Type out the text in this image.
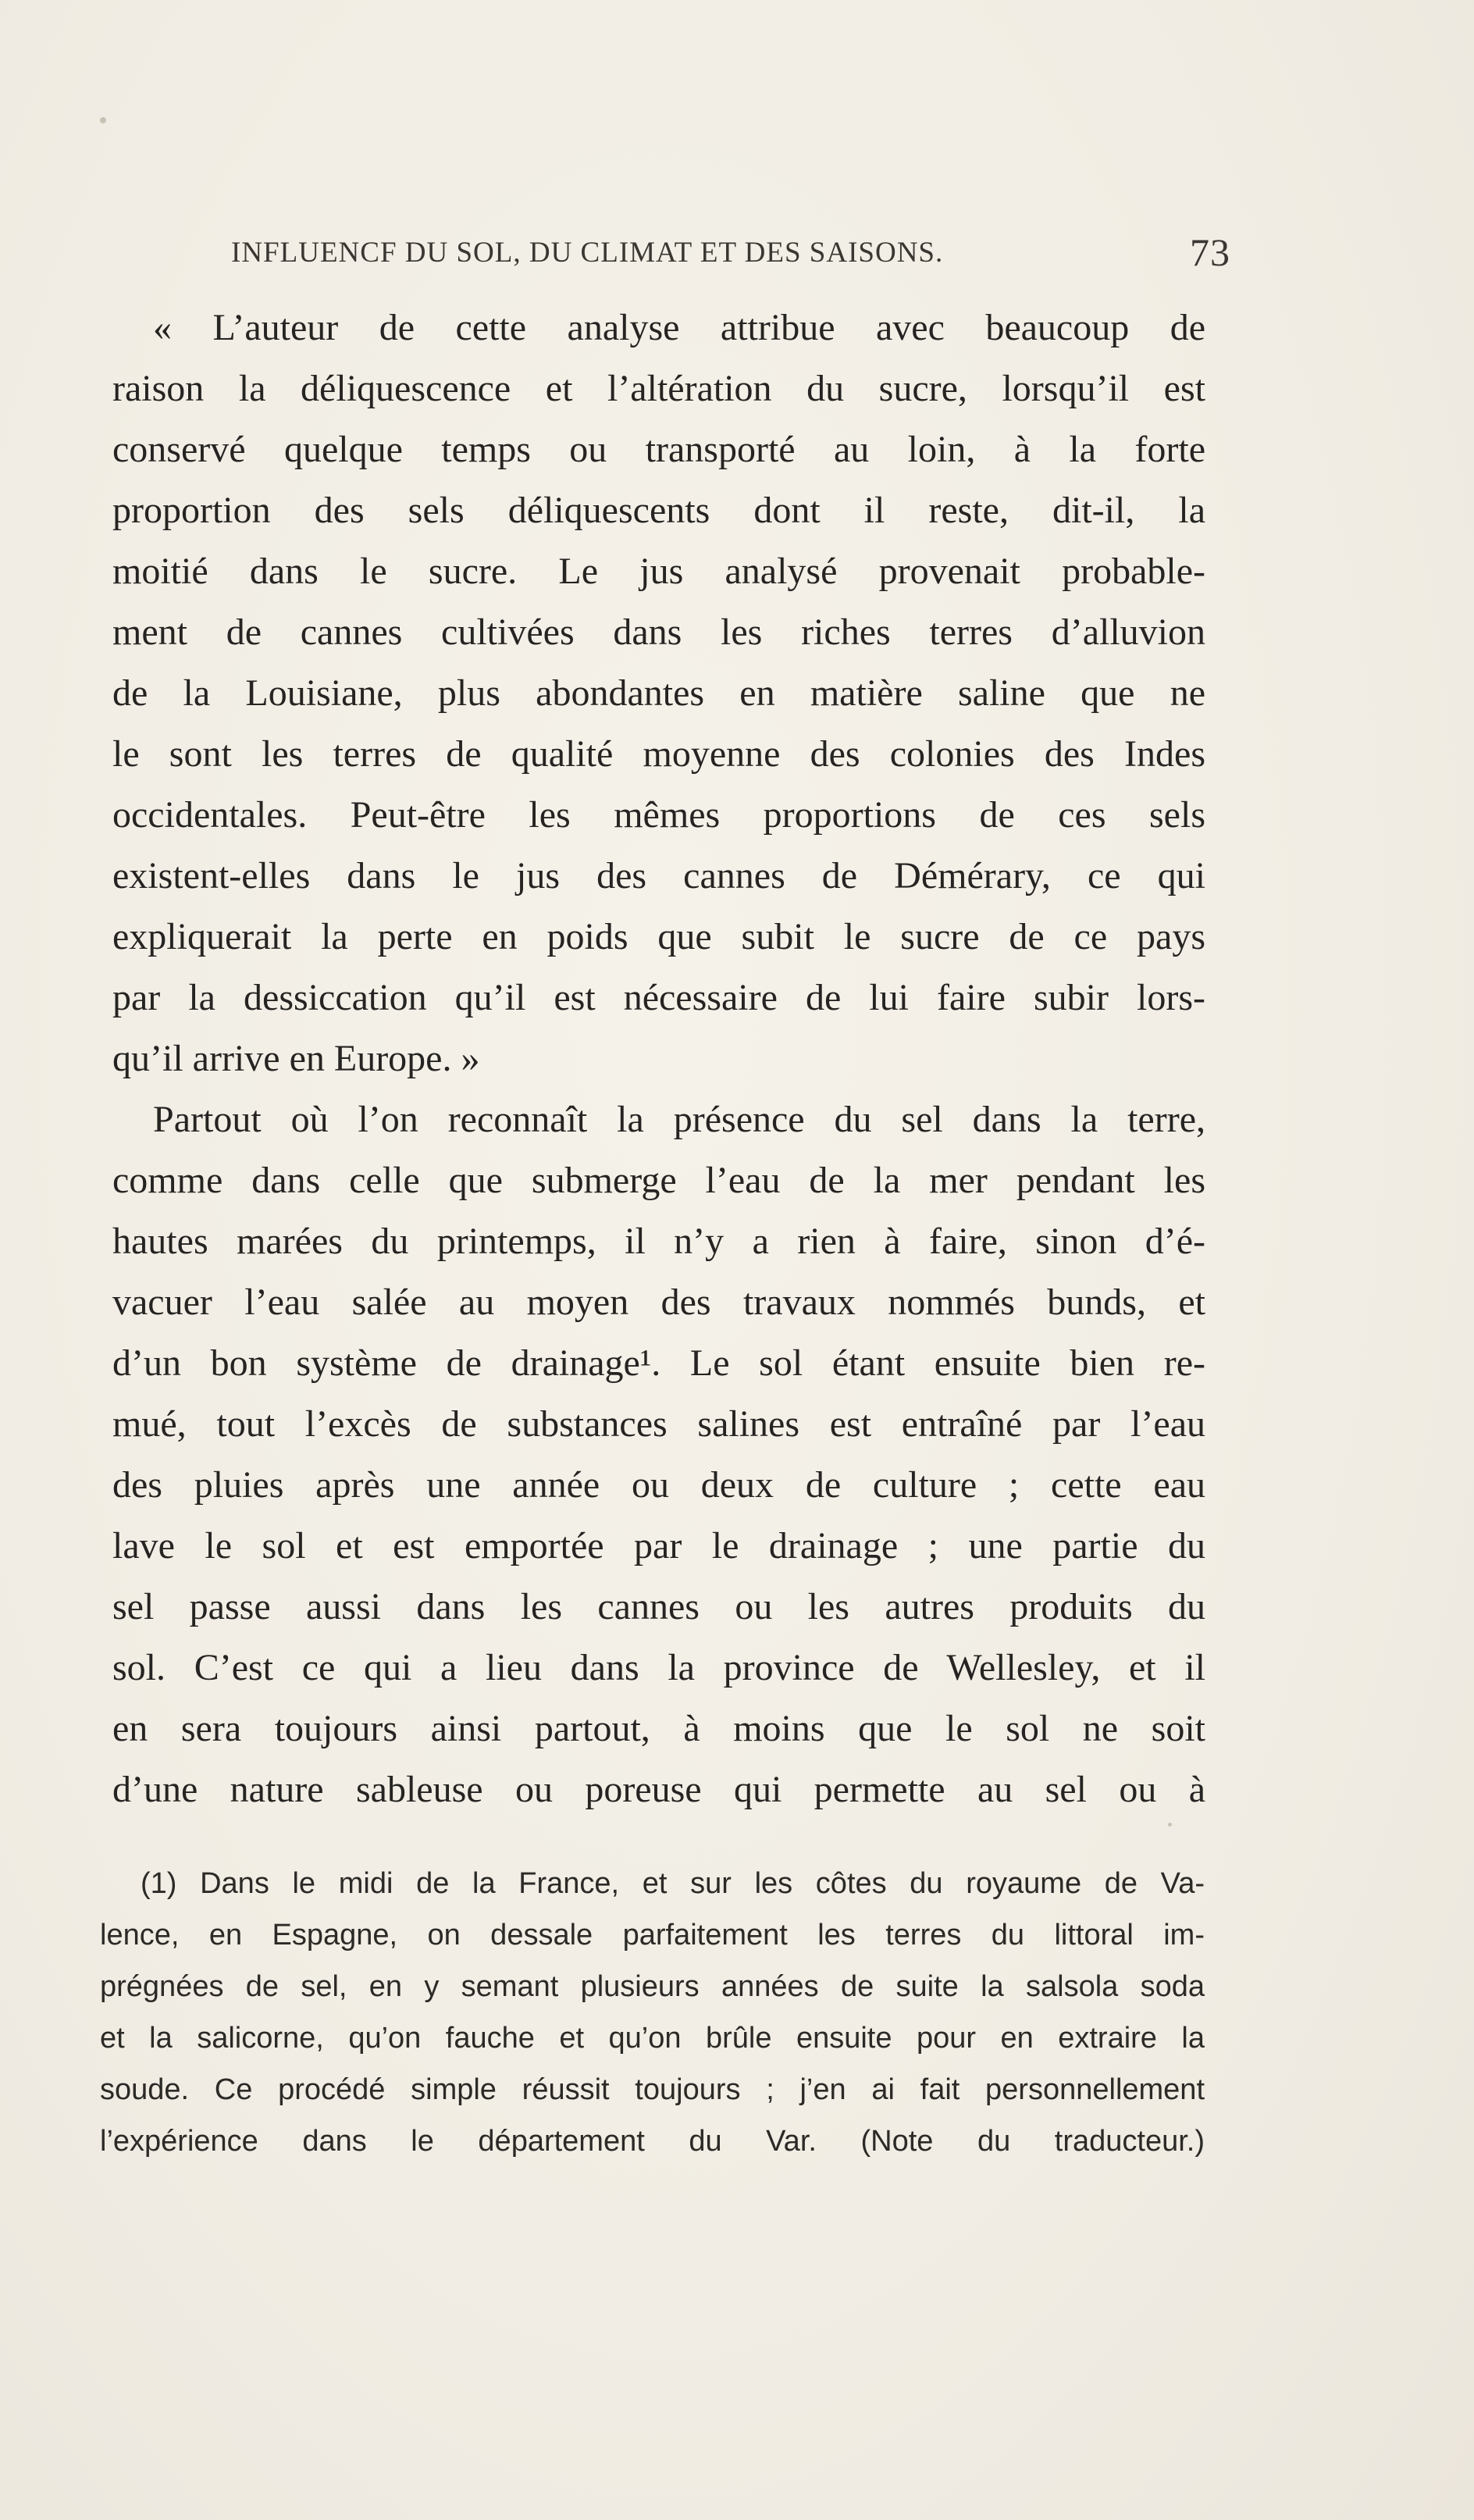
INFLUENCF DU SOL, DU CLIMAT ET DES SAISONS.	73
« L’auteur de cette analyse attribue avec beaucoup de
raison la déliquescence et l’altération du sucre, lorsqu’il est
conservé quelque temps ou transporté au loin, à la forte
proportion des sels déliquescents dont il reste, dit-il, la
moitié dans le sucre. Le jus analysé provenait probable-
ment de cannes cultivées dans les riches terres d’alluvion
de la Louisiane, plus abondantes en matière saline que ne
le sont les terres de qualité moyenne des colonies des Indes
occidentales. Peut-être les mêmes proportions de ces sels
existent-elles dans le jus des cannes de Démérary, ce qui
expliquerait la perte en poids que subit le sucre de ce pays
par la dessiccation qu’il est nécessaire de lui faire subir lors-
qu’il arrive en Europe. »
Partout où l’on reconnaît la présence du sel dans la terre,
comme dans celle que submerge l’eau de la mer pendant les
hautes marées du printemps, il n’y a rien à faire, sinon d’é-
vacuer l’eau salée au moyen des travaux nommés bunds, et
d’un bon système de drainage¹. Le sol étant ensuite bien re-
mué, tout l’excès de substances salines est entraîné par l’eau
des pluies après une année ou deux de culture ; cette eau
lave le sol et est emportée par le drainage ; une partie du
sel passe aussi dans les cannes ou les autres produits du
sol. C’est ce qui a lieu dans la province de Wellesley, et il
en sera toujours ainsi partout, à moins que le sol ne soit
d’une nature sableuse ou poreuse qui permette au sel ou à
(1) Dans le midi de la France, et sur les côtes du royaume de Va-
lence, en Espagne, on dessale parfaitement les terres du littoral im-
prégnées de sel, en y semant plusieurs années de suite la salsola soda
et la salicorne, qu’on fauche et qu’on brûle ensuite pour en extraire la
soude. Ce procédé simple réussit toujours ; j’en ai fait personnellement
l’expérience dans le département du Var. (Note du traducteur.)
